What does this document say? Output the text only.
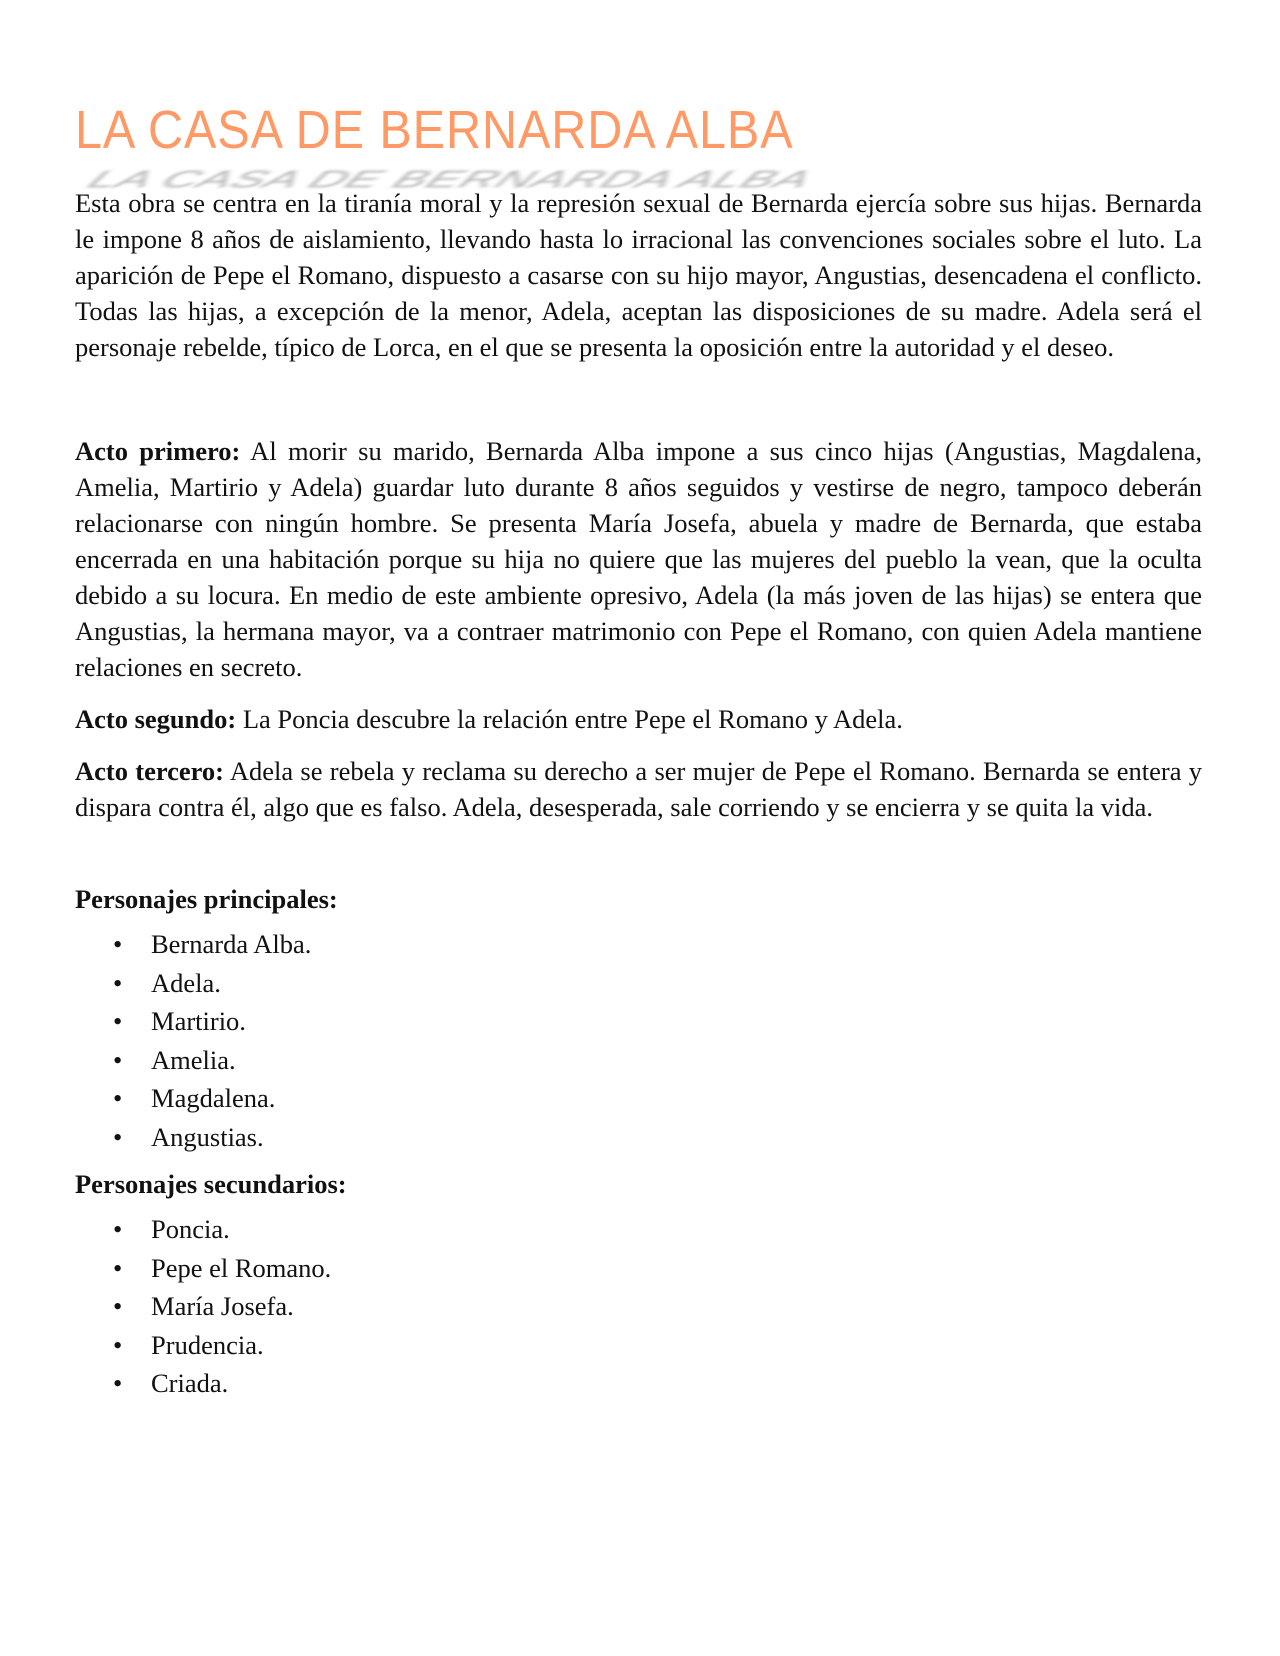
LA CASA DE BERNARDA ALBA
LA CASA DE BERNARDA ALBA

Esta obra se centra en la tiranía moral y la represión sexual de Bernarda ejercía sobre sus hijas. Bernarda le impone 8 años de aislamiento, llevando hasta lo irracional las convenciones sociales sobre el luto. La aparición de Pepe el Romano, dispuesto a casarse con su hijo mayor, Angustias, desencadena el conflicto. Todas las hijas, a excepción de la menor, Adela, aceptan las disposiciones de su madre. Adela será el personaje rebelde, típico de Lorca, en el que se presenta la oposición entre la autoridad y el deseo.

Acto primero: Al morir su marido, Bernarda Alba impone a sus cinco hijas (Angustias, Magdalena, Amelia, Martirio y Adela) guardar luto durante 8 años seguidos y vestirse de negro, tampoco deberán relacionarse con ningún hombre. Se presenta María Josefa, abuela y madre de Bernarda, que estaba encerrada en una habitación porque su hija no quiere que las mujeres del pueblo la vean, que la oculta debido a su locura. En medio de este ambiente opresivo, Adela (la más joven de las hijas) se entera que Angustias, la hermana mayor, va a contraer matrimonio con Pepe el Romano, con quien Adela mantiene relaciones en secreto.

Acto segundo: La Poncia descubre la relación entre Pepe el Romano y Adela.

Acto tercero: Adela se rebela y reclama su derecho a ser mujer de Pepe el Romano. Bernarda se entera y dispara contra él, algo que es falso. Adela, desesperada, sale corriendo y se encierra y se quita la vida.

Personajes principales:
• Bernarda Alba.
• Adela.
• Martirio.
• Amelia.
• Magdalena.
• Angustias.
Personajes secundarios:
• Poncia.
• Pepe el Romano.
• María Josefa.
• Prudencia.
• Criada.
